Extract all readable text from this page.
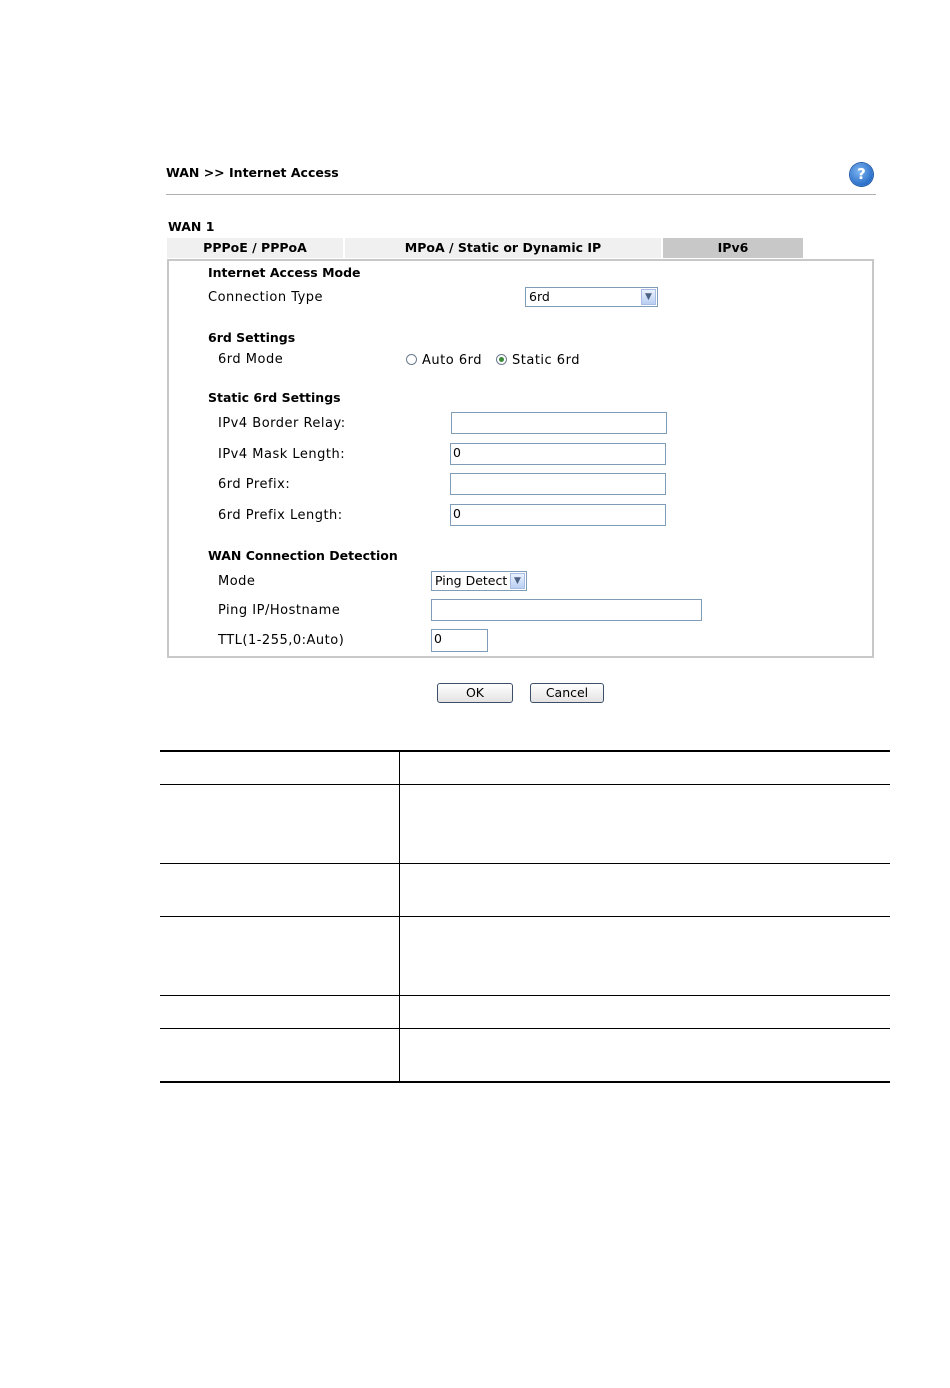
WAN >> Internet Access	?
WAN 1
PPPoE / PPPoA	MPoA / Static or Dynamic IP	IPv6
Internet Access Mode
Connection Type	6rd	▼
6rd Settings
6rd Mode	Auto 6rd Static 6rd
Static 6rd Settings
IPv4 Border Relay:
IPv4 Mask Length:	0
6rd Prefix:
6rd Prefix Length:	0
WAN Connection Detection
Mode	Ping Detect ▼
Ping IP/Hostname
TTL(1-255,0:Auto)	0
OK	Cancel
